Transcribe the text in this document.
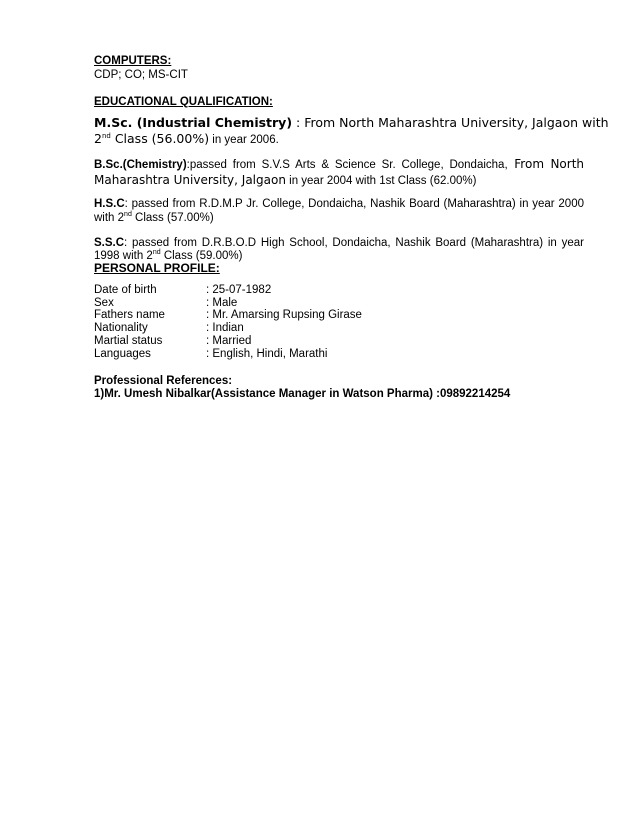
COMPUTERS:
CDP; CO; MS-CIT
EDUCATIONAL QUALIFICATION:
M.Sc. (Industrial Chemistry) : From North Maharashtra University, Jalgaon with
2nd Class (56.00%) in year 2006.
B.Sc.(Chemistry):passed from S.V.S Arts & Science Sr. College, Dondaicha, From North
Maharashtra University, Jalgaon in year 2004 with 1st Class (62.00%)
H.S.C: passed from R.D.M.P Jr. College, Dondaicha, Nashik Board (Maharashtra) in year 2000
with 2nd Class (57.00%)
S.S.C: passed from D.R.B.O.D High School, Dondaicha, Nashik Board (Maharashtra) in year
1998 with 2nd Class (59.00%)
PERSONAL PROFILE:
Date of birth	: 25-07-1982
Sex	: Male
Fathers name	: Mr. Amarsing Rupsing Girase
Nationality	: Indian
Martial status	: Married
Languages	: English, Hindi, Marathi
Professional References:
1)Mr. Umesh Nibalkar(Assistance Manager in Watson Pharma) :09892214254
